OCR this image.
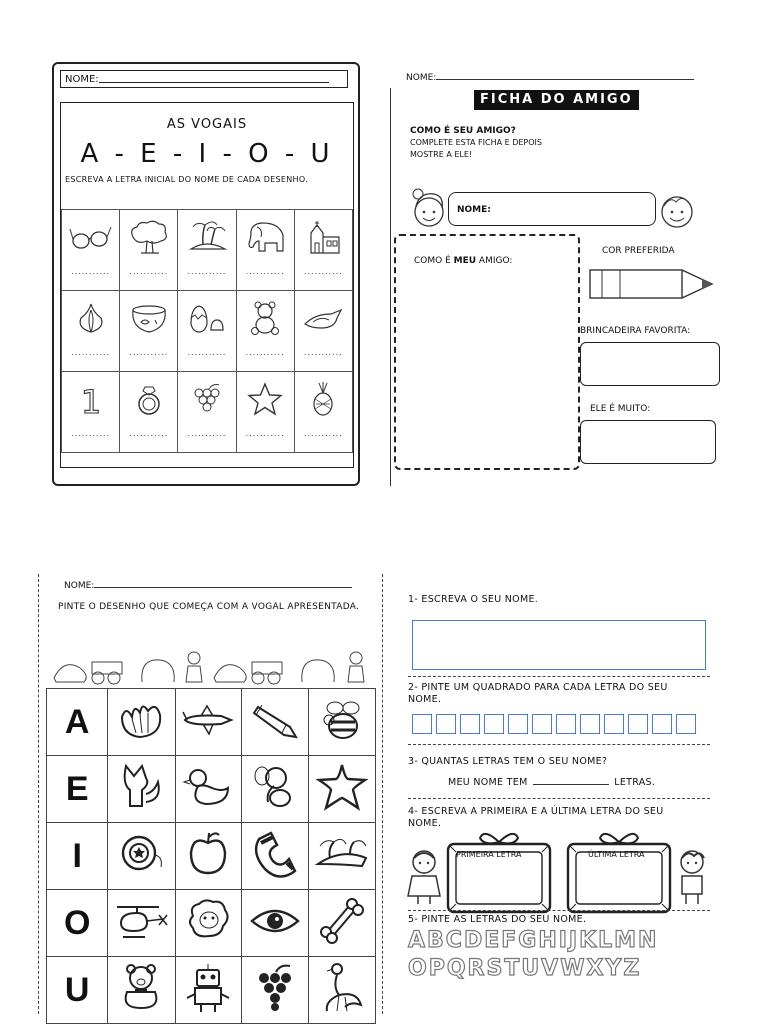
NOME:
AS VOGAIS
A - E - I - O - U
ESCREVA A LETRA INICIAL DO NOME DE CADA DESENHO.
...........	...........	...........	...........	...........

...........	...........	...........	...........	...........

1
...........	...........	...........	...........	...........
NOME:
FICHA DO AMIGO
COMO É SEU AMIGO?
COMPLETE ESTA FICHA E DEPOIS
MOSTRE A ELE!
NOME:
COMO É MEU AMIGO:
COR PREFERIDA
BRINCADEIRA FAVORITA:
ELE É MUITO:
NOME:
PINTE O DESENHO QUE COMEÇA COM A VOGAL APRESENTADA.
A				
E				
I				
O				
U				
1- ESCREVA O SEU NOME.
2- PINTE UM QUADRADO PARA CADA LETRA DO SEU
NOME.
3- QUANTAS LETRAS TEM O SEU NOME?
MEU NOME TEM	LETRAS.
4- ESCREVA A PRIMEIRA E A ÚLTIMA LETRA DO SEU
NOME.
PRIMEIRA LETRA	ÚLTIMA LETRA
5- PINTE AS LETRAS DO SEU NOME.
ABCDEFGHIJKLMN
OPQRSTUVWXYZ
